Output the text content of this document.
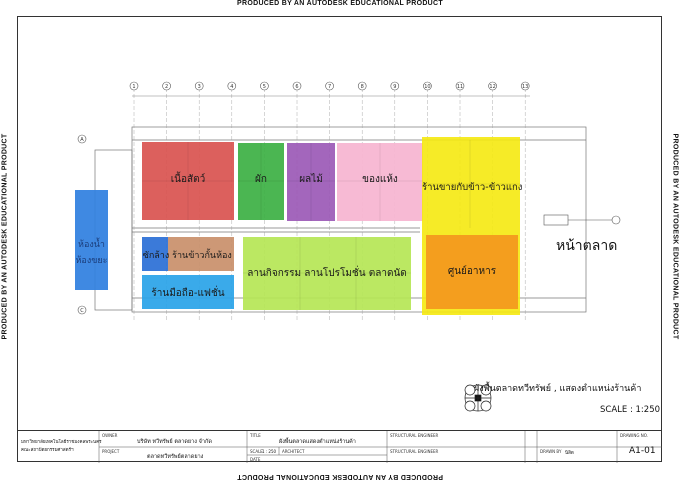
PRODUCED BY AN AUTODESK EDUCATIONAL PRODUCT
PRODUCED BY AN AUTODESK EDUCATIONAL PRODUCT
PRODUCED BY AN AUTODESK EDUCATIONAL PRODUCT	PRODUCED BY AN AUTODESK EDUCATIONAL PRODUCT
1	2	3	4	5	6	7	8	9	10	11	12	13
A
C
เนื้อสัตว์	ผัก	ผลไม้	ของแห้ง
ร้านขายกับข้าว-ข้าวแกง
ห้องน้ำ
ห้องขยะ	ซักล้าง ร้านข้าวกั้นห้อง
ร้านมือถือ-แฟชั่น
ลานกิจกรรม ลานโปรโมชั่น ตลาดนัด	ศูนย์อาหาร
หน้าตลาด
ผังพื้นตลาดทวีทรัพย์ , แสดงตำแหน่งร้านค้า
SCALE : 1:250
มหาวิทยาลัยเทคโนโลยีราชมงคลพระนคร
คณะสถาปัตยกรรมศาสตร์ฯ
OWNER
บริษัท ทวีทรัพย์ ตลาดยาง จำกัด
PROJECT
ตลาดทวีทรัพย์ตลาดยาง
TITLE
ผังพื้นตลาดแสดงตำแหน่งร้านค้า
SCALE 1 : 250 ARCHITECT
DATE
STRUCTURAL ENGINEER
STRUCTURAL ENGINEER	DRAWN BY นิสิต
DRAWING NO.
A1-01
